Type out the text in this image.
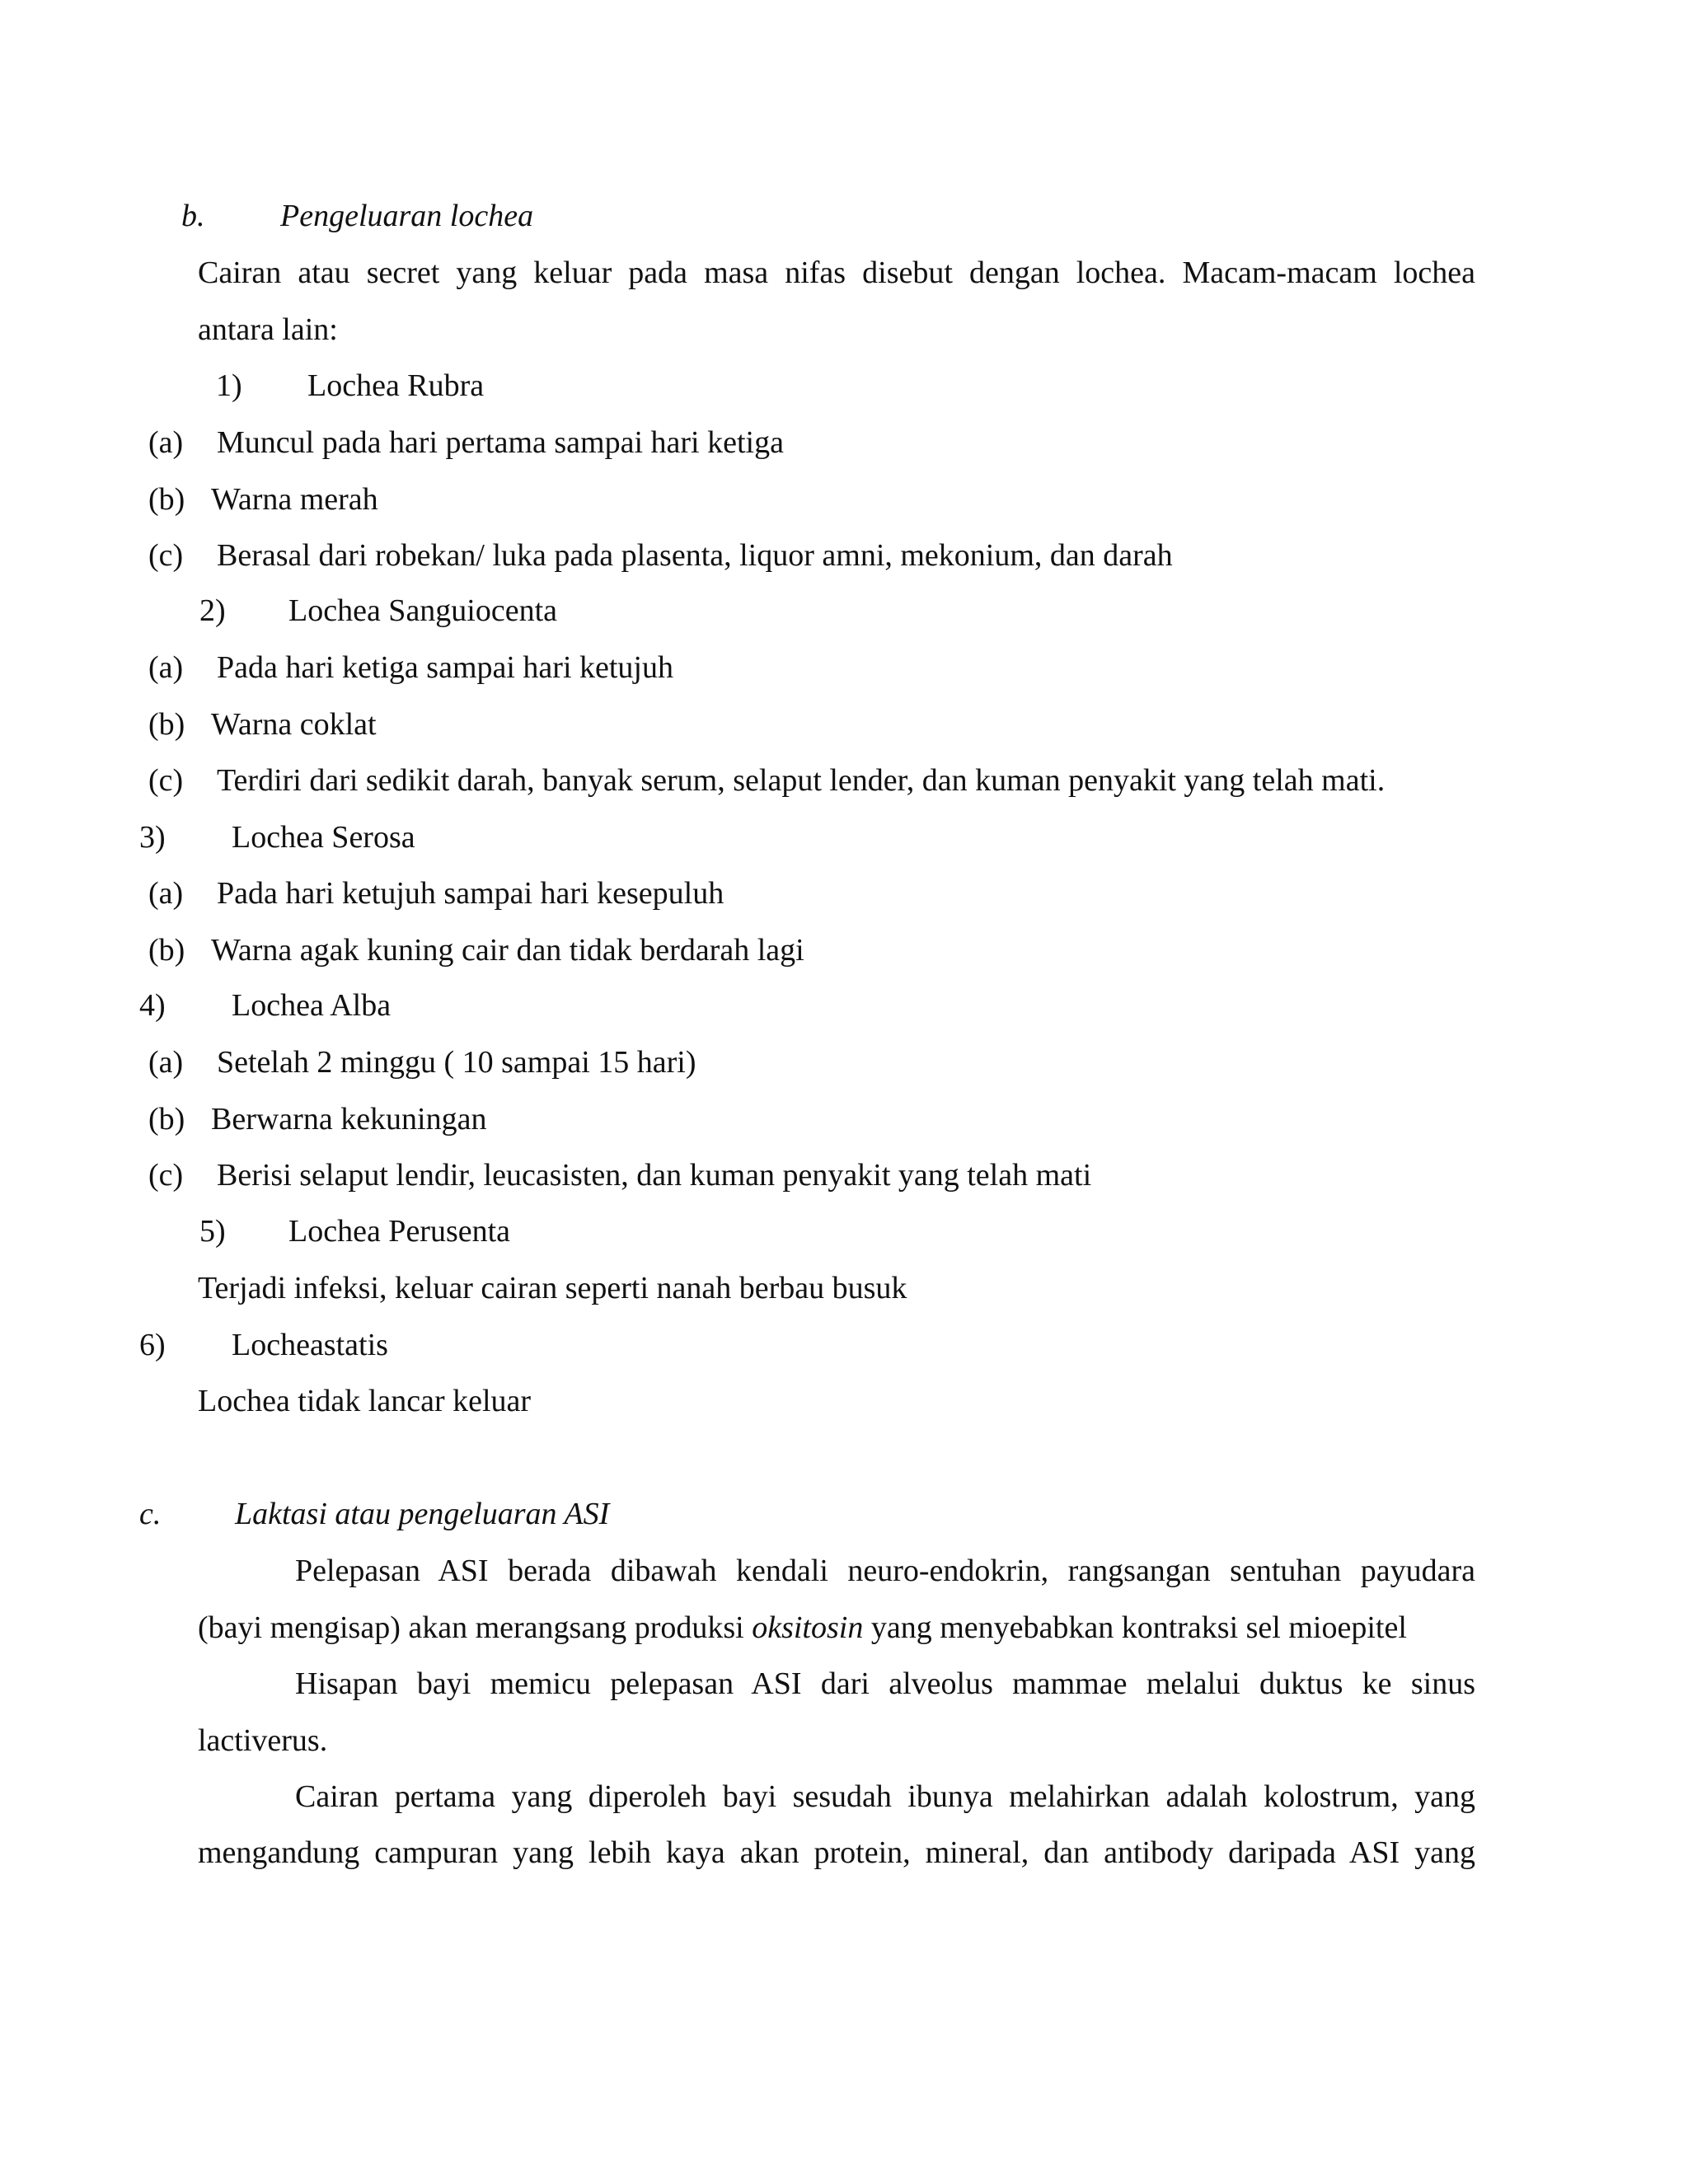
b. Pengeluaran lochea
Cairan atau secret yang keluar pada masa nifas disebut dengan lochea. Macam-macam lochea
antara lain:
1) Lochea Rubra
(a) Muncul pada hari pertama sampai hari ketiga
(b) Warna merah
(c) Berasal dari robekan/ luka pada plasenta, liquor amni, mekonium, dan darah
2) Lochea Sanguiocenta
(a) Pada hari ketiga sampai hari ketujuh
(b) Warna coklat
(c) Terdiri dari sedikit darah, banyak serum, selaput lender, dan kuman penyakit yang telah mati.
3) Lochea Serosa
(a) Pada hari ketujuh sampai hari kesepuluh
(b) Warna agak kuning cair dan tidak berdarah lagi
4) Lochea Alba
(a) Setelah 2 minggu ( 10 sampai 15 hari)
(b) Berwarna kekuningan
(c) Berisi selaput lendir, leucasisten, dan kuman penyakit yang telah mati
5) Lochea Perusenta
Terjadi infeksi, keluar cairan seperti nanah berbau busuk
6) Locheastatis
Lochea tidak lancar keluar
c. Laktasi atau pengeluaran ASI
Pelepasan ASI berada dibawah kendali neuro-endokrin, rangsangan sentuhan payudara
(bayi mengisap) akan merangsang produksi oksitosin yang menyebabkan kontraksi sel mioepitel
Hisapan bayi memicu pelepasan ASI dari alveolus mammae melalui duktus ke sinus
lactiverus.
Cairan pertama yang diperoleh bayi sesudah ibunya melahirkan adalah kolostrum, yang
mengandung campuran yang lebih kaya akan protein, mineral, dan antibody daripada ASI yang
